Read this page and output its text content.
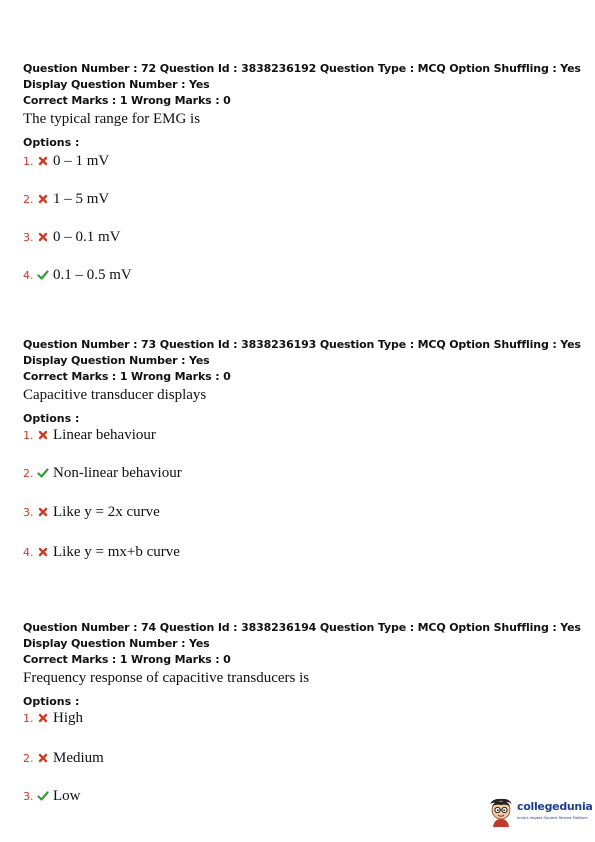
Question Number : 72 Question Id : 3838236192 Question Type : MCQ Option Shuffling : Yes
Display Question Number : Yes
Correct Marks : 1 Wrong Marks : 0
The typical range for EMG is
Options :
1. 0 – 1 mV
2. 1 – 5 mV
3. 0 – 0.1 mV
4. 0.1 – 0.5 mV
Question Number : 73 Question Id : 3838236193 Question Type : MCQ Option Shuffling : Yes
Display Question Number : Yes
Correct Marks : 1 Wrong Marks : 0
Capacitive transducer displays
Options :
1. Linear behaviour
2. Non-linear behaviour
3. Like y = 2x curve
4. Like y = mx+b curve
Question Number : 74 Question Id : 3838236194 Question Type : MCQ Option Shuffling : Yes
Display Question Number : Yes
Correct Marks : 1 Wrong Marks : 0
Frequency response of capacitive transducers is
Options :
1. High
2. Medium
3. Low
collegedunia
India's largest Student Review Platform
